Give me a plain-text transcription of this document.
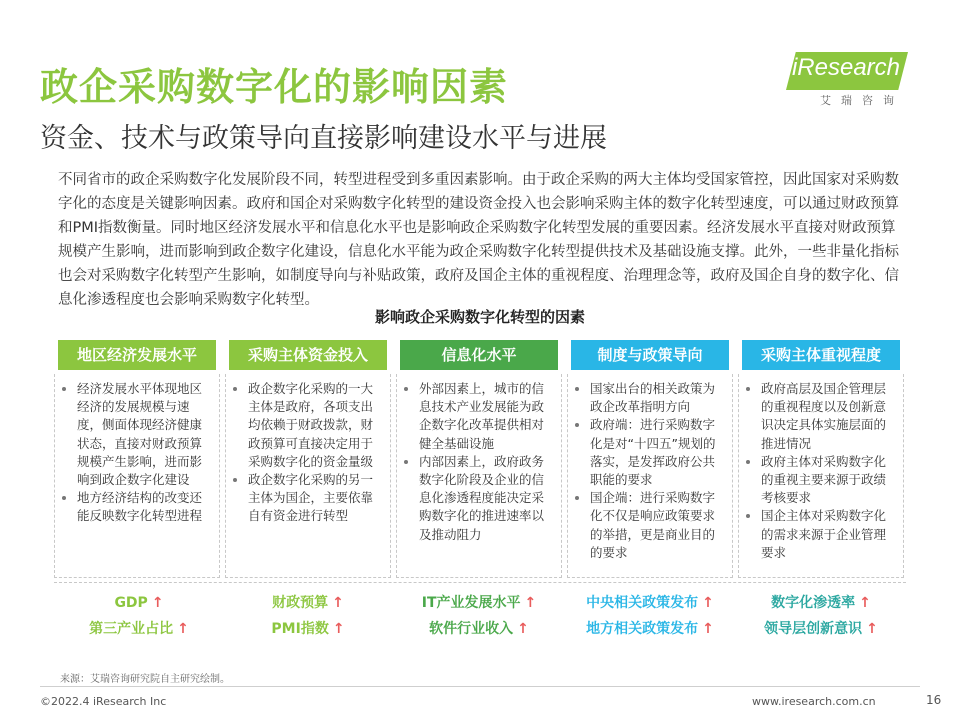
政企采购数字化的影响因素
资金、技术与政策导向直接影响建设水平与进展
iResearch
艾瑞咨询
不同省市的政企采购数字化发展阶段不同，转型进程受到多重因素影响。由于政企采购的两大主体均受国家管控，因此国家对采购数字化的态度是关键影响因素。政府和国企对采购数字化转型的建设资金投入也会影响采购主体的数字化转型速度，可以通过财政预算和PMI指数衡量。同时地区经济发展水平和信息化水平也是影响政企采购数字化转型发展的重要因素。经济发展水平直接对财政预算规模产生影响，进而影响到政企数字化建设，信息化水平能为政企采购数字化转型提供技术及基础设施支撑。此外，一些非量化指标也会对采购数字化转型产生影响，如制度导向与补贴政策，政府及国企主体的重视程度、治理理念等，政府及国企自身的数字化、信息化渗透程度也会影响采购数字化转型。
影响政企采购数字化转型的因素
地区经济发展水平
• 经济发展水平体现地区经济的发展规模与速度，侧面体现经济健康状态，直接对财政预算规模产生影响，进而影响到政企数字化建设
• 地方经济结构的改变还能反映数字化转型进程
采购主体资金投入
• 政企数字化采购的一大主体是政府，各项支出均依赖于财政拨款，财政预算可直接决定用于采购数字化的资金量级
• 政企数字化采购的另一主体为国企，主要依靠自有资金进行转型
信息化水平
• 外部因素上，城市的信息技术产业发展能为政企数字化改革提供相对健全基础设施
• 内部因素上，政府政务数字化阶段及企业的信息化渗透程度能决定采购数字化的推进速率以及推动阻力
制度与政策导向
• 国家出台的相关政策为政企改革指明方向
• 政府端：进行采购数字化是对“十四五”规划的落实，是发挥政府公共职能的要求
• 国企端：进行采购数字化不仅是响应政策要求的举措，更是商业目的的要求
采购主体重视程度
• 政府高层及国企管理层的重视程度以及创新意识决定具体实施层面的推进情况
• 政府主体对采购数字化的重视主要来源于政绩考核要求
• 国企主体对采购数字化的需求来源于企业管理要求
GDP ↑
第三产业占比 ↑
财政预算 ↑
PMI指数 ↑
IT产业发展水平 ↑
软件行业收入 ↑
中央相关政策发布 ↑
地方相关政策发布 ↑
数字化渗透率 ↑
领导层创新意识 ↑
来源：艾瑞咨询研究院自主研究绘制。
©2022.4 iResearch Inc	www.iresearch.com.cn	16
